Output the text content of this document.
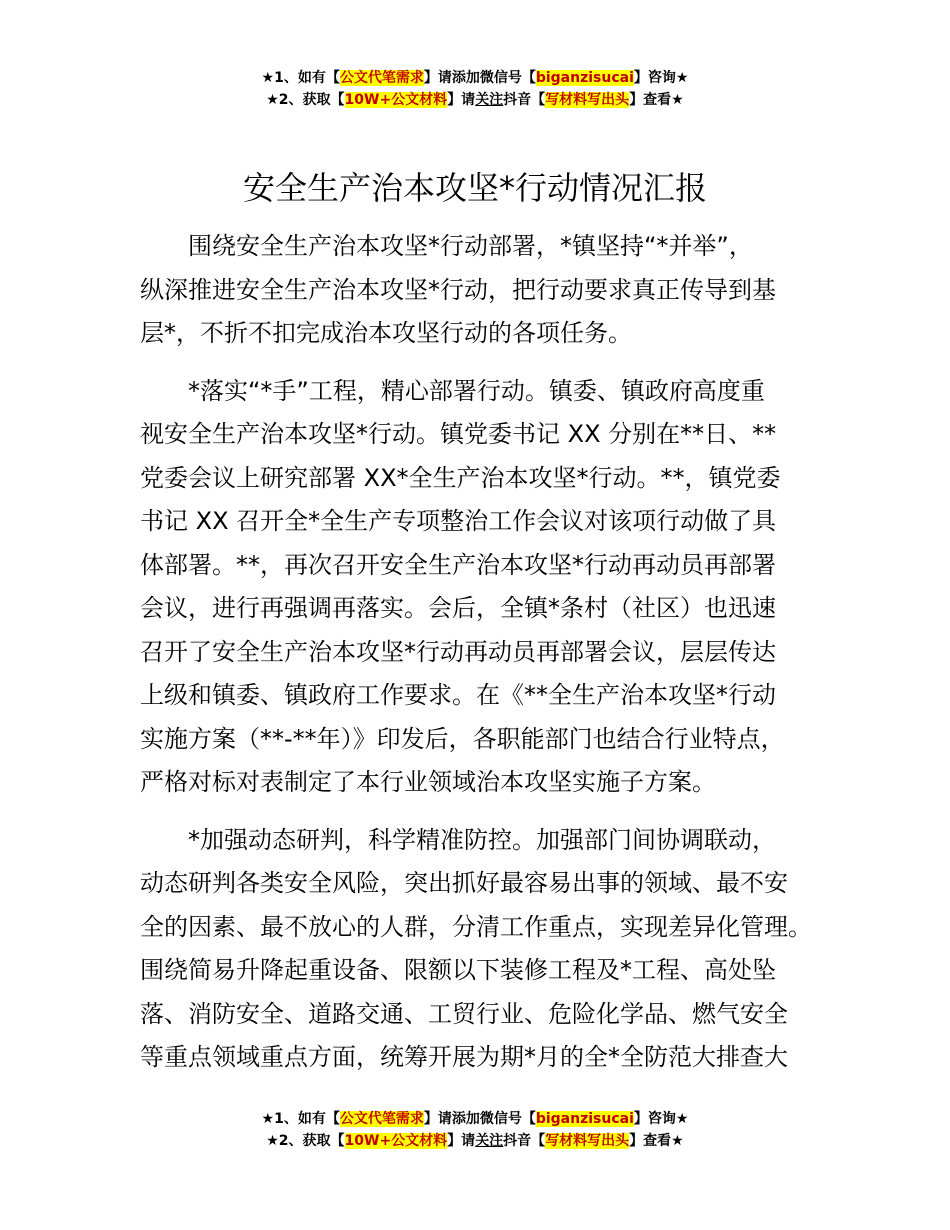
★1、如有【公文代笔需求】请添加微信号【biganzisucai】咨询★
★2、获取【10W+公文材料】请关注抖音【写材料写出头】查看★
安全生产治本攻坚*行动情况汇报

围绕安全生产治本攻坚*行动部署，*镇坚持“*并举”，
纵深推进安全生产治本攻坚*行动，把行动要求真正传导到基
层*，不折不扣完成治本攻坚行动的各项任务。

*落实“*手”工程，精心部署行动。镇委、镇政府高度重
视安全生产治本攻坚*行动。镇党委书记 XX 分别在**日、**
党委会议上研究部署 XX*全生产治本攻坚*行动。**，镇党委
书记 XX 召开全*全生产专项整治工作会议对该项行动做了具
体部署。**，再次召开安全生产治本攻坚*行动再动员再部署
会议，进行再强调再落实。会后，全镇*条村（社区）也迅速
召开了安全生产治本攻坚*行动再动员再部署会议，层层传达
上级和镇委、镇政府工作要求。在《**全生产治本攻坚*行动
实施方案（**-**年）》印发后，各职能部门也结合行业特点，
严格对标对表制定了本行业领域治本攻坚实施子方案。

*加强动态研判，科学精准防控。加强部门间协调联动，
动态研判各类安全风险，突出抓好最容易出事的领域、最不安
全的因素、最不放心的人群，分清工作重点，实现差异化管理。
围绕简易升降起重设备、限额以下装修工程及*工程、高处坠
落、消防安全、道路交通、工贸行业、危险化学品、燃气安全
等重点领域重点方面，统筹开展为期*月的全*全防范大排查大

★1、如有【公文代笔需求】请添加微信号【biganzisucai】咨询★
★2、获取【10W+公文材料】请关注抖音【写材料写出头】查看★
